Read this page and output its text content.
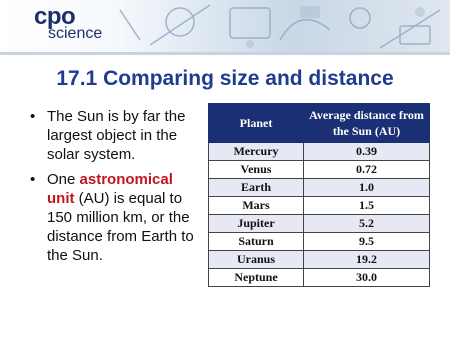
cpo
science
17.1 Comparing size and distance
• The Sun is by far the largest object in the solar system.
• One astronomical unit (AU) is equal to 150 million km, or the distance from Earth to the Sun.
Planet	Average distance from the Sun (AU)
Mercury	0.39
Venus	0.72
Earth	1.0
Mars	1.5
Jupiter	5.2
Saturn	9.5
Uranus	19.2
Neptune	30.0
